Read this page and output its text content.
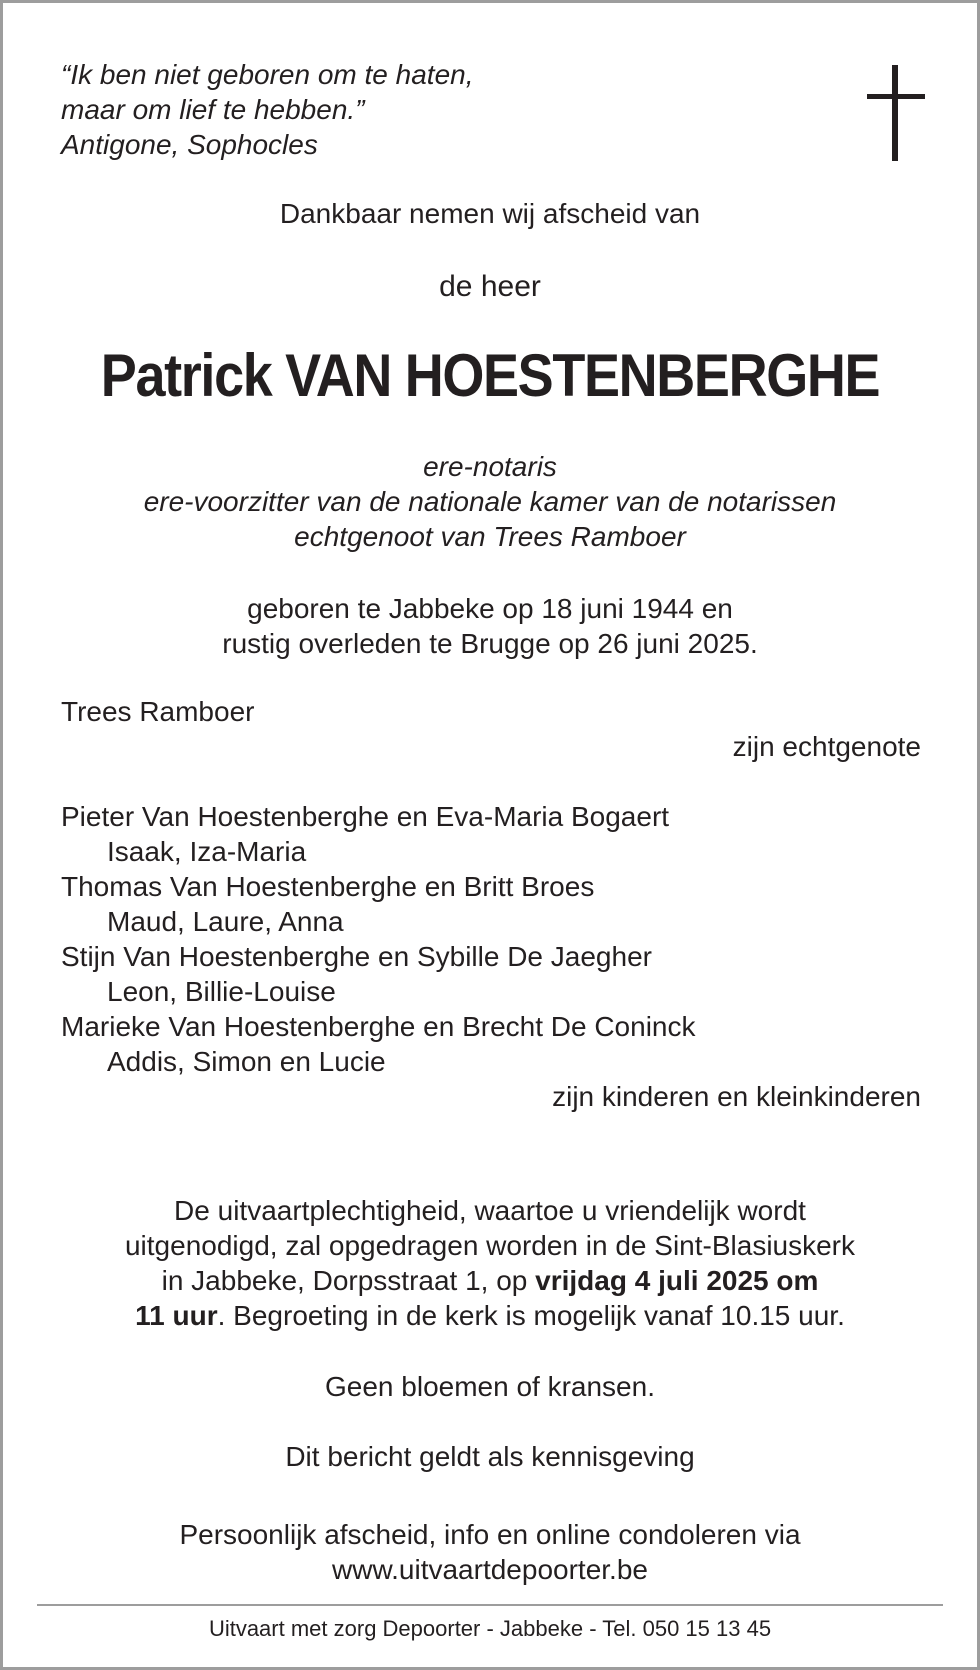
“Ik ben niet geboren om te haten,
maar om lief te hebben.”
Antigone, Sophocles
Dankbaar nemen wij afscheid van
de heer
Patrick VAN HOESTENBERGHE
ere-notaris
ere-voorzitter van de nationale kamer van de notarissen
echtgenoot van Trees Ramboer
geboren te Jabbeke op 18 juni 1944 en
rustig overleden te Brugge op 26 juni 2025.
Trees Ramboer
zijn echtgenote
Pieter Van Hoestenberghe en Eva-Maria Bogaert
Isaak, Iza-Maria
Thomas Van Hoestenberghe en Britt Broes
Maud, Laure, Anna
Stijn Van Hoestenberghe en Sybille De Jaegher
Leon, Billie-Louise
Marieke Van Hoestenberghe en Brecht De Coninck
Addis, Simon en Lucie
zijn kinderen en kleinkinderen
De uitvaartplechtigheid, waartoe u vriendelijk wordt
uitgenodigd, zal opgedragen worden in de Sint-Blasiuskerk
in Jabbeke, Dorpsstraat 1, op vrijdag 4 juli 2025 om
11 uur. Begroeting in de kerk is mogelijk vanaf 10.15 uur.
Geen bloemen of kransen.
Dit bericht geldt als kennisgeving
Persoonlijk afscheid, info en online condoleren via
www.uitvaartdepoorter.be
Uitvaart met zorg Depoorter - Jabbeke - Tel. 050 15 13 45
